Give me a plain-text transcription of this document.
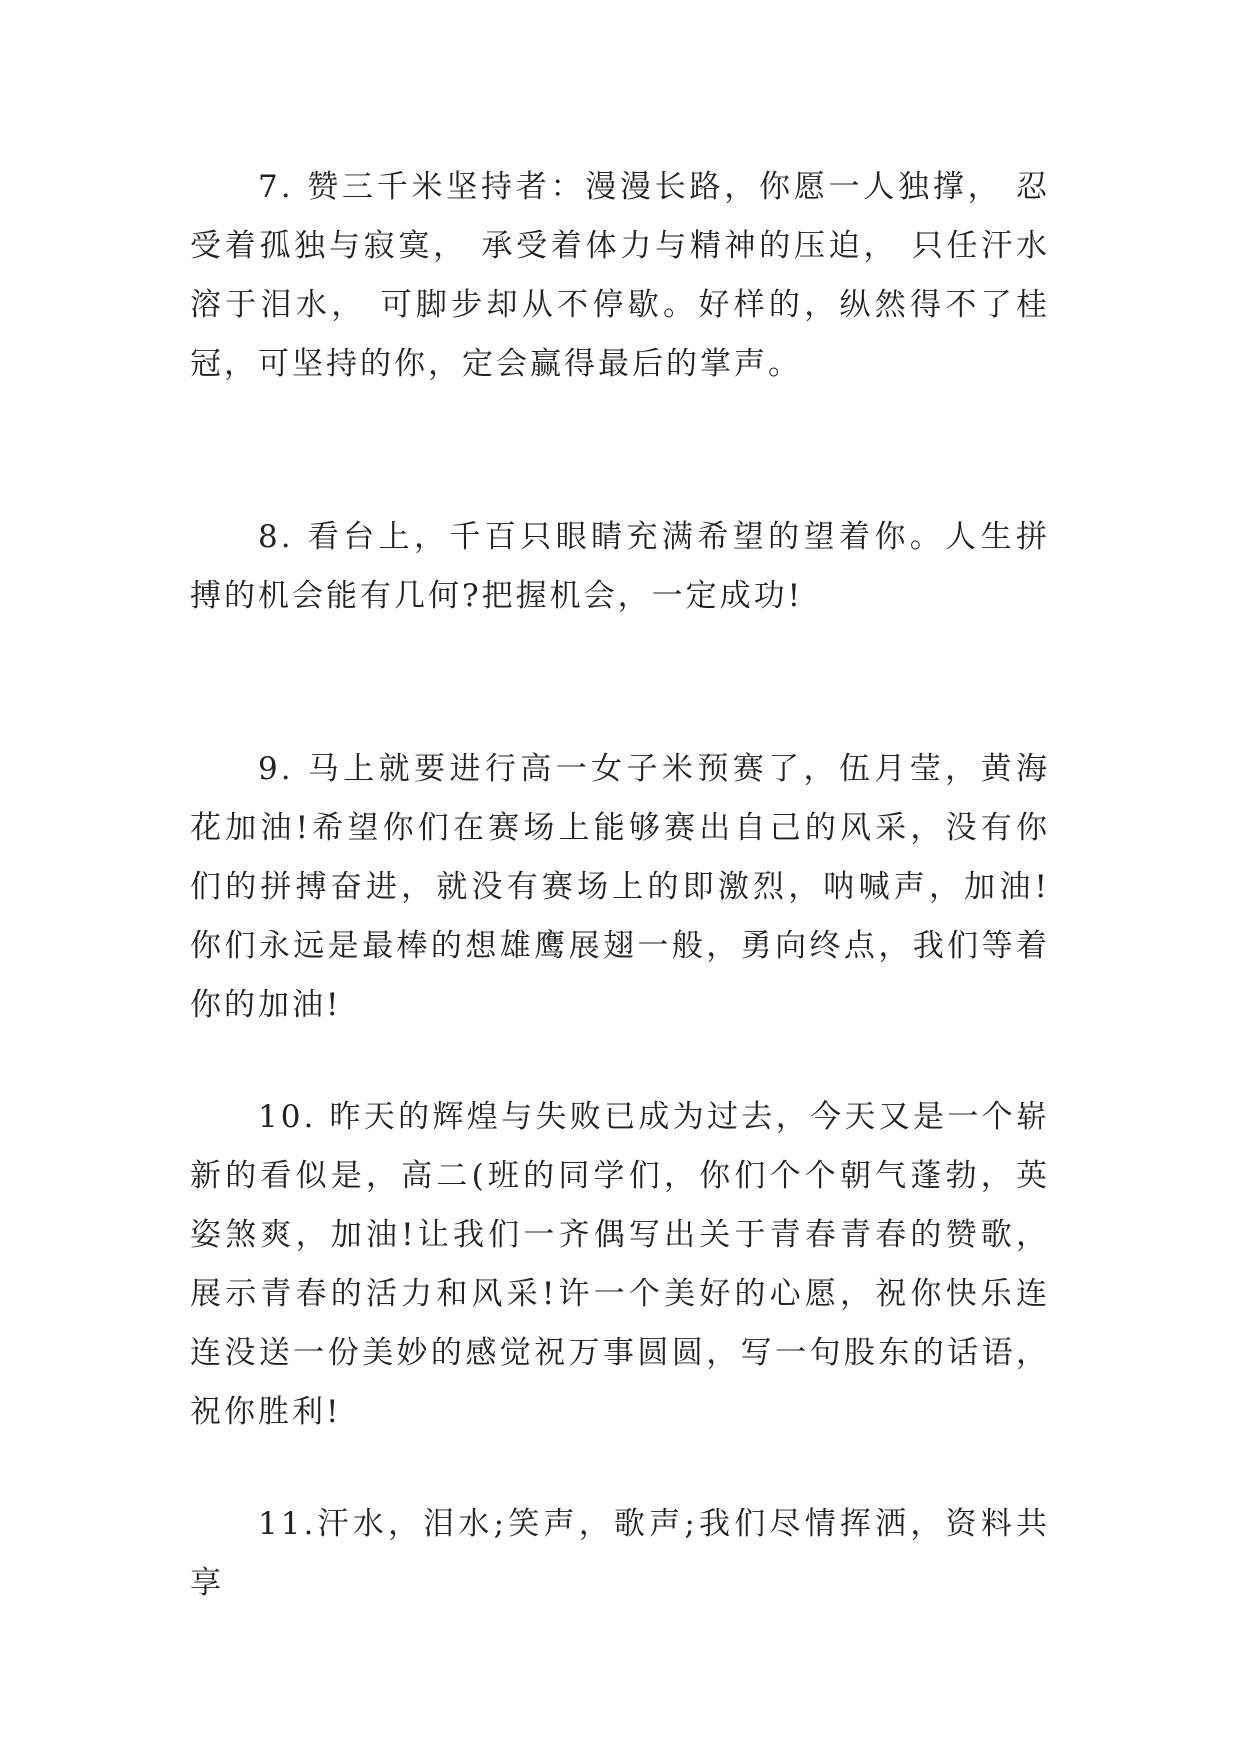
7. 赞三千米坚持者：漫漫长路，你愿一人独撑， 忍受着孤独与寂寞， 承受着体力与精神的压迫， 只任汗水溶于泪水， 可脚步却从不停歇。好样的，纵然得不了桂冠，可坚持的你，定会赢得最后的掌声。

8. 看台上，千百只眼睛充满希望的望着你。人生拼搏的机会能有几何?把握机会，一定成功!

9. 马上就要进行高一女子米预赛了，伍月莹，黄海花加油!希望你们在赛场上能够赛出自己的风采，没有你们的拼搏奋进，就没有赛场上的即激烈，呐喊声，加油!你们永远是最棒的想雄鹰展翅一般，勇向终点，我们等着你的加油!

10. 昨天的辉煌与失败已成为过去，今天又是一个崭新的看似是，高二(班的同学们，你们个个朝气蓬勃，英姿煞爽，加油!让我们一齐偶写出关于青春青春的赞歌，展示青春的活力和风采!许一个美好的心愿，祝你快乐连连没送一份美妙的感觉祝万事圆圆，写一句股东的话语，祝你胜利!

11.汗水，泪水;笑声，歌声;我们尽情挥洒，资料共享
